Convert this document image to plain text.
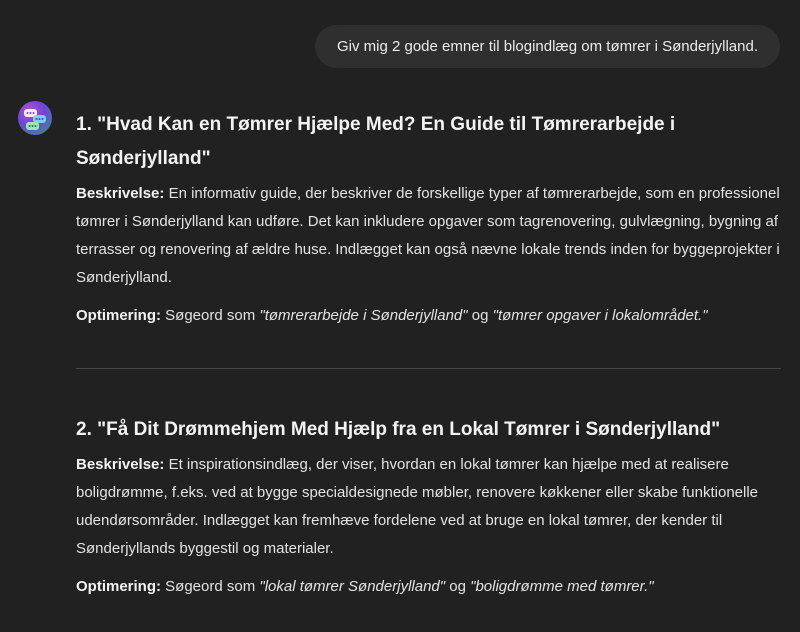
Giv mig 2 gode emner til blogindlæg om tømrer i Sønderjylland.
1. "Hvad Kan en Tømrer Hjælpe Med? En Guide til Tømrerarbejde i Sønderjylland"

Beskrivelse: En informativ guide, der beskriver de forskellige typer af tømrerarbejde, som en professionel tømrer i Sønderjylland kan udføre. Det kan inkludere opgaver som tagrenovering, gulvlægning, bygning af terrasser og renovering af ældre huse. Indlægget kan også nævne lokale trends inden for byggeprojekter i Sønderjylland.

Optimering: Søgeord som "tømrerarbejde i Sønderjylland" og "tømrer opgaver i lokalområdet."

2. "Få Dit Drømmehjem Med Hjælp fra en Lokal Tømrer i Sønderjylland"

Beskrivelse: Et inspirationsindlæg, der viser, hvordan en lokal tømrer kan hjælpe med at realisere boligdrømme, f.eks. ved at bygge specialdesignede møbler, renovere køkkener eller skabe funktionelle udendørsområder. Indlægget kan fremhæve fordelene ved at bruge en lokal tømrer, der kender til Sønderjyllands byggestil og materialer.

Optimering: Søgeord som "lokal tømrer Sønderjylland" og "boligdrømme med tømrer."
